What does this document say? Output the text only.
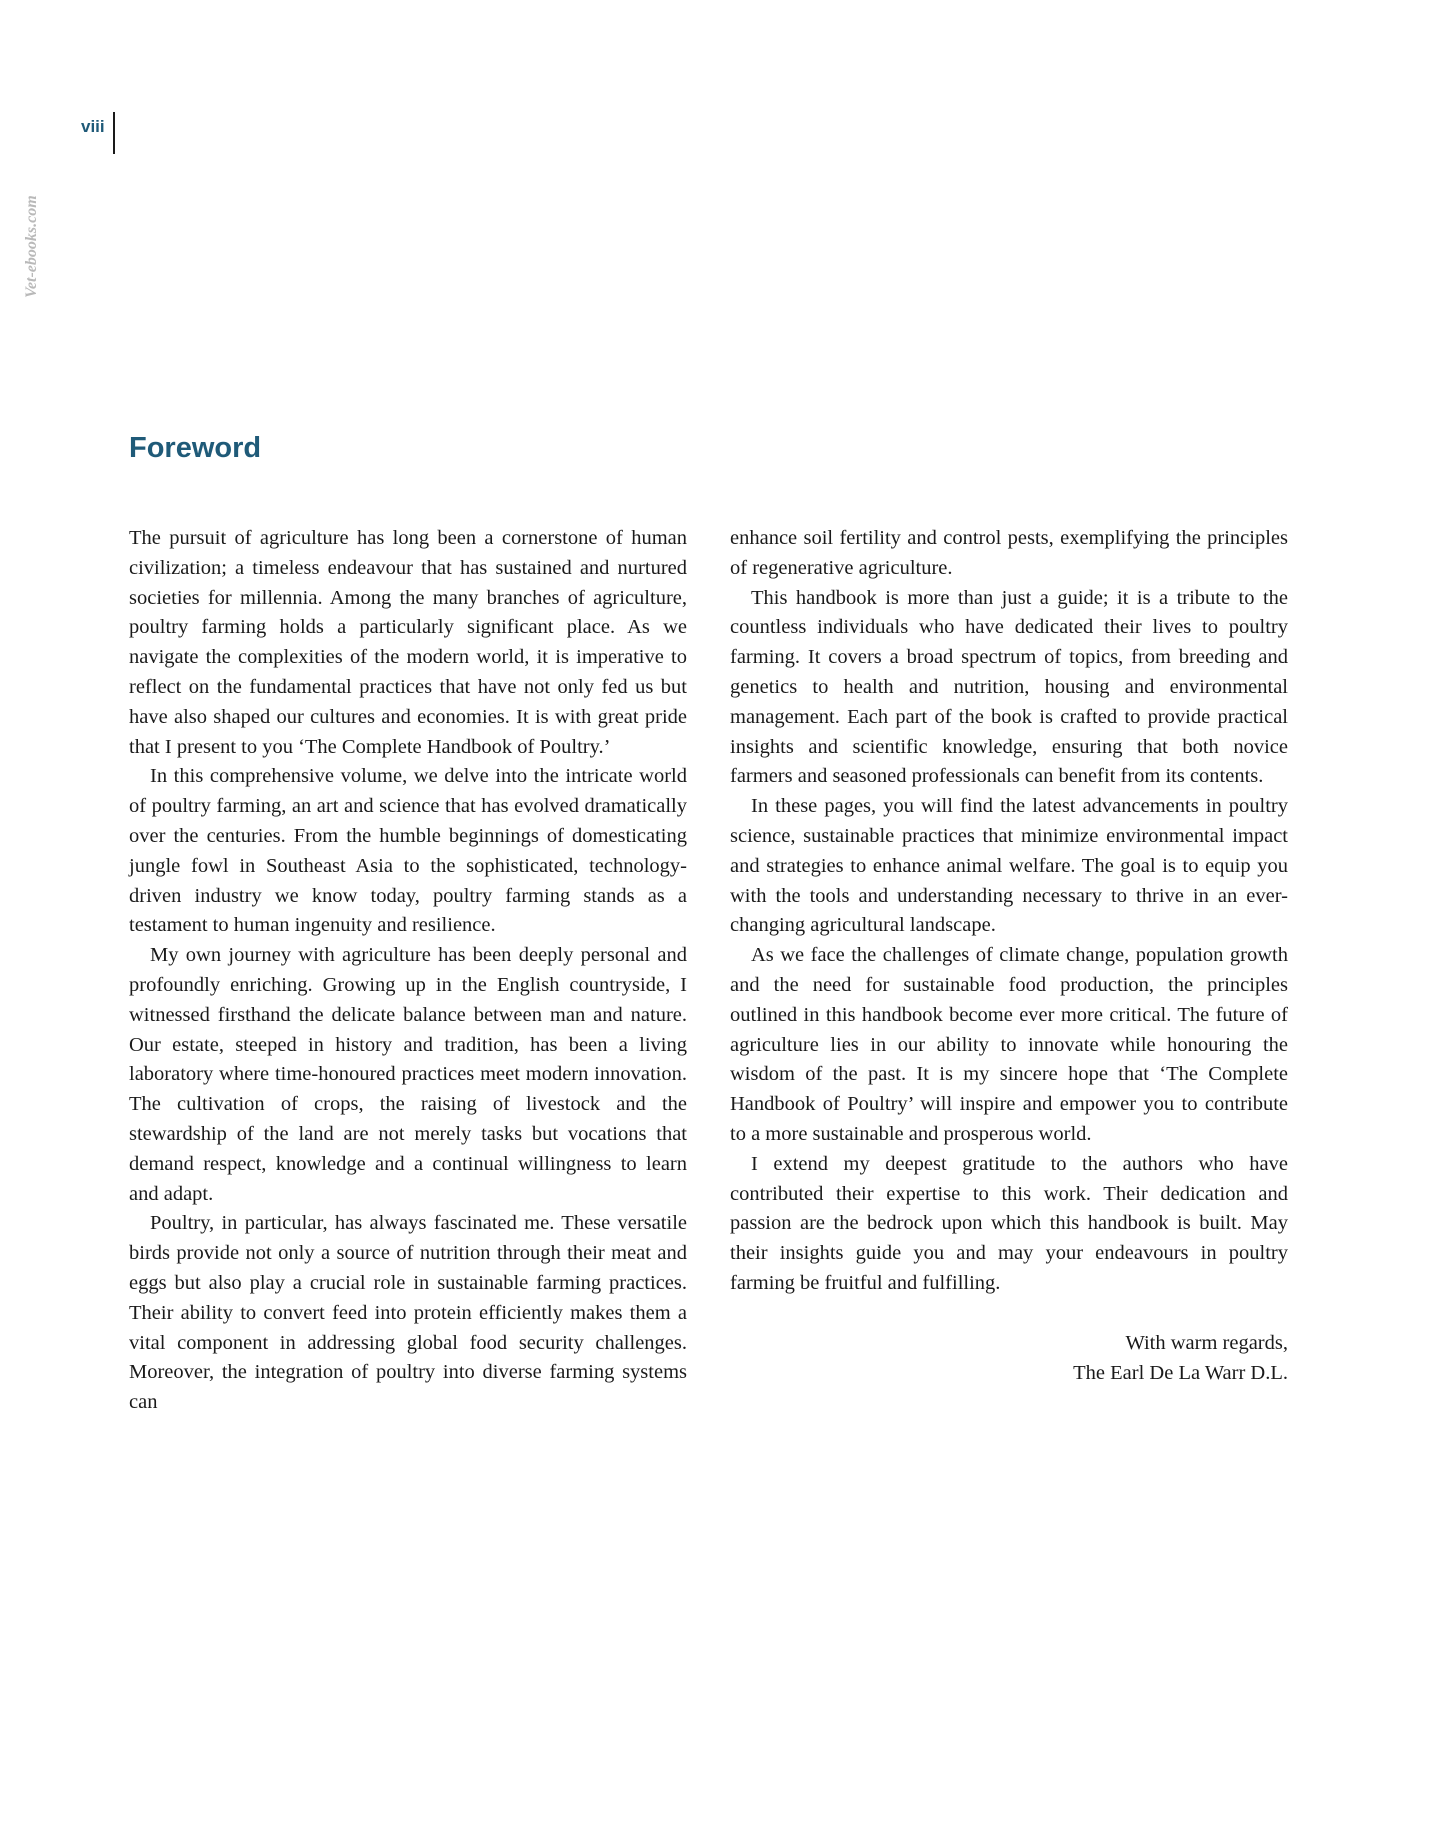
viii
Vet-ebooks.com
Foreword

The pursuit of agriculture has long been a cornerstone of human civilization; a timeless endeavour that has sustained and nurtured societies for millennia. Among the many branches of agriculture, poultry farming holds a particularly significant place. As we navigate the complexities of the modern world, it is imperative to reflect on the fundamental practices that have not only fed us but have also shaped our cultures and economies. It is with great pride that I present to you ‘The Complete Handbook of Poultry.’

In this comprehensive volume, we delve into the intricate world of poultry farming, an art and science that has evolved dramatically over the centuries. From the humble beginnings of domesticating jungle fowl in Southeast Asia to the sophisticated, technology-driven industry we know today, poultry farming stands as a testament to human ingenuity and resilience.

My own journey with agriculture has been deeply personal and profoundly enriching. Growing up in the English countryside, I witnessed firsthand the delicate balance between man and nature. Our estate, steeped in history and tradition, has been a living laboratory where time-honoured practices meet modern innovation. The cultivation of crops, the raising of livestock and the stewardship of the land are not merely tasks but vocations that demand respect, knowledge and a continual willingness to learn and adapt.

Poultry, in particular, has always fascinated me. These versatile birds provide not only a source of nutrition through their meat and eggs but also play a crucial role in sustainable farming practices. Their ability to convert feed into protein efficiently makes them a vital component in addressing global food security challenges. Moreover, the integration of poultry into diverse farming systems can

enhance soil fertility and control pests, exemplifying the principles of regenerative agriculture.

This handbook is more than just a guide; it is a tribute to the countless individuals who have dedicated their lives to poultry farming. It covers a broad spectrum of topics, from breeding and genetics to health and nutrition, housing and environmental management. Each part of the book is crafted to provide practical insights and scientific knowledge, ensuring that both novice farmers and seasoned professionals can benefit from its contents.

In these pages, you will find the latest advancements in poultry science, sustainable practices that minimize environmental impact and strategies to enhance animal welfare. The goal is to equip you with the tools and understanding necessary to thrive in an ever-changing agricultural landscape.

As we face the challenges of climate change, population growth and the need for sustainable food production, the principles outlined in this handbook become ever more critical. The future of agriculture lies in our ability to innovate while honouring the wisdom of the past. It is my sincere hope that ‘The Complete Handbook of Poultry’ will inspire and empower you to contribute to a more sustainable and prosperous world.

I extend my deepest gratitude to the authors who have contributed their expertise to this work. Their dedication and passion are the bedrock upon which this handbook is built. May their insights guide you and may your endeavours in poultry farming be fruitful and fulfilling.

With warm regards,
The Earl De La Warr D.L.
